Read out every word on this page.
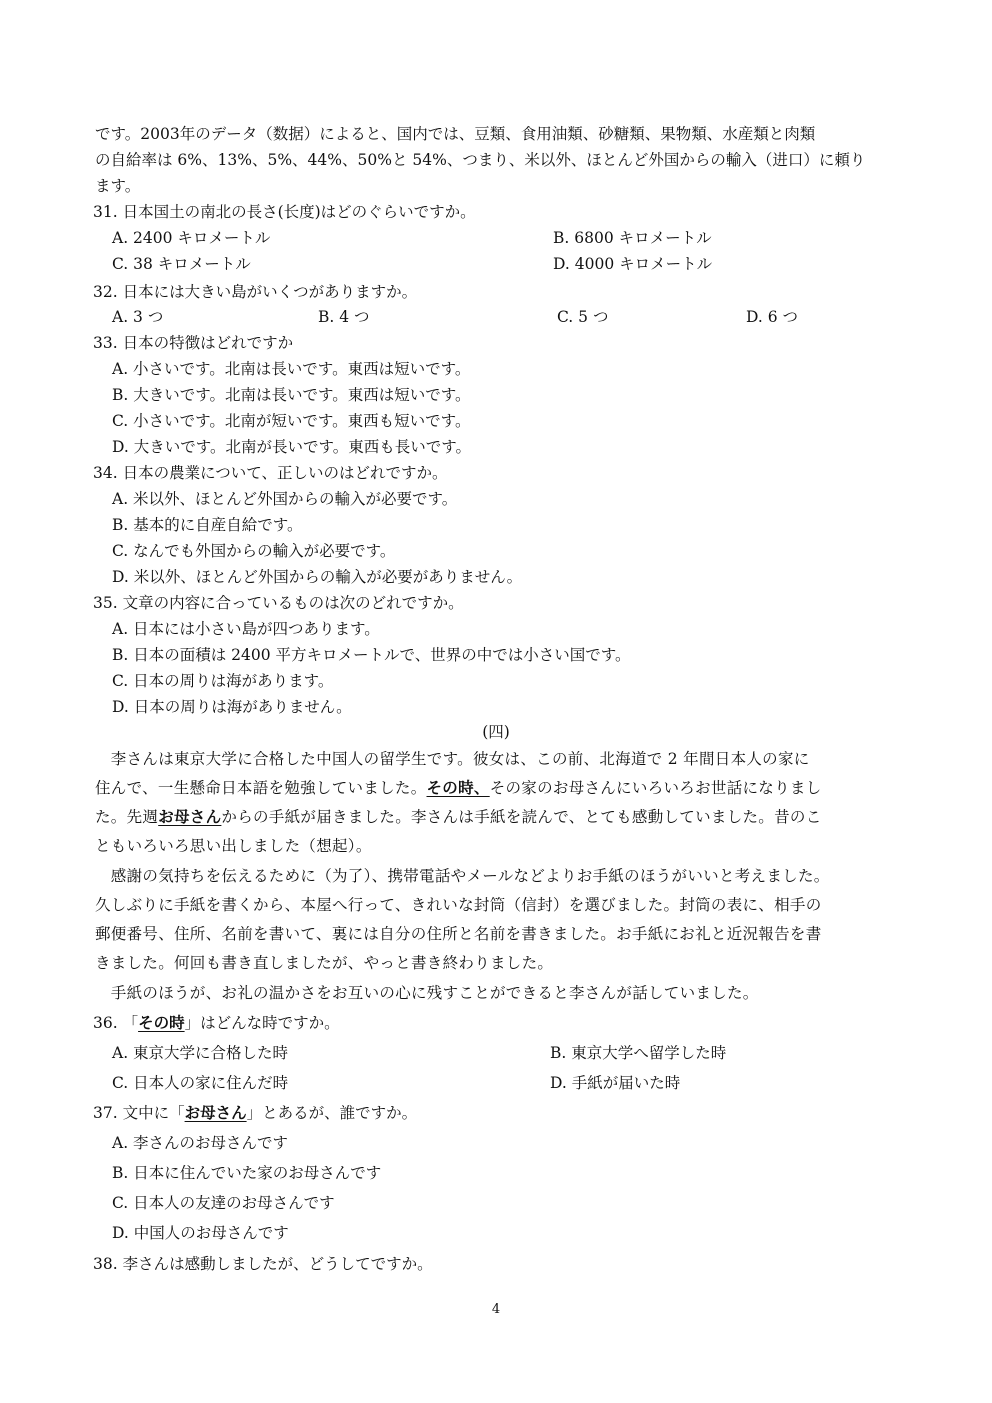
です。2003年のデータ（数据）によると、国内では、豆類、食用油類、砂糖類、果物類、水産類と肉類
の自給率は 6%、13%、5%、44%、50%と 54%、つまり、米以外、ほとんど外国からの輸入（进口）に頼り
ます。
31. 日本国土の南北の長さ(长度)はどのぐらいですか。
A. 2400 キロメートル	B. 6800 キロメートル
C. 38 キロメートル	D. 4000 キロメートル
32. 日本には大きい島がいくつがありますか。
A. 3 つ	B. 4 つ	C. 5 つ	D. 6 つ
33. 日本の特徴はどれですか
A. 小さいです。北南は長いです。東西は短いです。
B. 大きいです。北南は長いです。東西は短いです。
C. 小さいです。北南が短いです。東西も短いです。
D. 大きいです。北南が長いです。東西も長いです。
34. 日本の農業について、正しいのはどれですか。
A. 米以外、ほとんど外国からの輸入が必要です。
B. 基本的に自産自給です。
C. なんでも外国からの輸入が必要です。
D. 米以外、ほとんど外国からの輸入が必要がありません。
35. 文章の内容に合っているものは次のどれですか。
A. 日本には小さい島が四つあります。
B. 日本の面積は 2400 平方キロメートルで、世界の中では小さい国です。
C. 日本の周りは海があります。
D. 日本の周りは海がありません。
(四)
　李さんは東京大学に合格した中国人の留学生です。彼女は、この前、北海道で 2 年間日本人の家に
住んで、一生懸命日本語を勉強していました。その時、その家のお母さんにいろいろお世話になりまし
た。先週お母さんからの手紙が届きました。李さんは手紙を読んで、とても感動していました。昔のこ
ともいろいろ思い出しました（想起）。
　感謝の気持ちを伝えるために（为了）、携帯電話やメールなどよりお手紙のほうがいいと考えました。
久しぶりに手紙を書くから、本屋へ行って、きれいな封筒（信封）を選びました。封筒の表に、相手の
郵便番号、住所、名前を書いて、裏には自分の住所と名前を書きました。お手紙にお礼と近況報告を書
きました。何回も書き直しましたが、やっと書き終わりました。
　手紙のほうが、お礼の温かさをお互いの心に残すことができると李さんが話していました。
36. 「その時」はどんな時ですか。
A. 東京大学に合格した時	B. 東京大学へ留学した時
C. 日本人の家に住んだ時	D. 手紙が届いた時
37. 文中に「お母さん」とあるが、誰ですか。
A. 李さんのお母さんです
B. 日本に住んでいた家のお母さんです
C. 日本人の友達のお母さんです
D. 中国人のお母さんです
38. 李さんは感動しましたが、どうしてですか。
4
